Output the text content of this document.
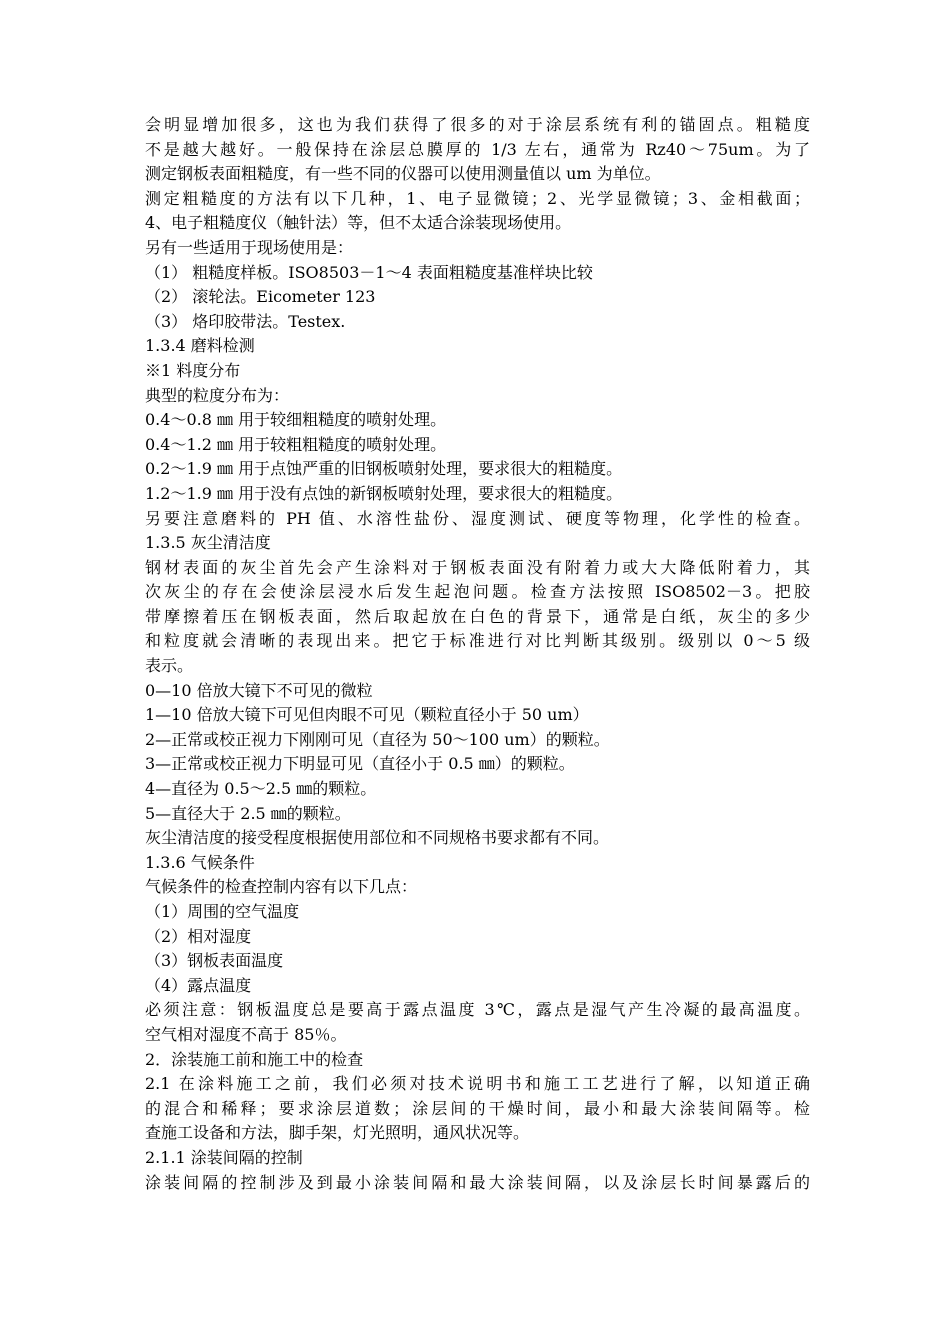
会明显增加很多，这也为我们获得了很多的对于涂层系统有利的锚固点。粗糙度
不是越大越好。一般保持在涂层总膜厚的 1/3 左右，通常为 Rz40～75um。为了
测定钢板表面粗糙度，有一些不同的仪器可以使用测量值以 um 为单位。
测定粗糙度的方法有以下几种，1、电子显微镜；2、光学显微镜；3、金相截面；
4、电子粗糙度仪（触针法）等，但不太适合涂装现场使用。
另有一些适用于现场使用是：
（1） 粗糙度样板。ISO8503－1～4 表面粗糙度基准样块比较
（2） 滚轮法。Eicometer 123
（3） 烙印胶带法。Testex.
1.3.4 磨料检测
※1 料度分布
典型的粒度分布为：
0.4～0.8 ㎜ 用于较细粗糙度的喷射处理。
0.4～1.2 ㎜ 用于较粗粗糙度的喷射处理。
0.2～1.9 ㎜ 用于点蚀严重的旧钢板喷射处理，要求很大的粗糙度。
1.2～1.9 ㎜ 用于没有点蚀的新钢板喷射处理，要求很大的粗糙度。
另要注意磨料的 PH 值、水溶性盐份、湿度测试、硬度等物理，化学性的检查。
1.3.5 灰尘清洁度
钢材表面的灰尘首先会产生涂料对于钢板表面没有附着力或大大降低附着力，其
次灰尘的存在会使涂层浸水后发生起泡问题。检查方法按照 ISO8502－3。把胶
带摩擦着压在钢板表面，然后取起放在白色的背景下，通常是白纸，灰尘的多少
和粒度就会清晰的表现出来。把它于标准进行对比判断其级别。级别以 0～5 级
表示。
0—10 倍放大镜下不可见的微粒
1—10 倍放大镜下可见但肉眼不可见（颗粒直径小于 50 um）
2—正常或校正视力下刚刚可见（直径为 50～100 um）的颗粒。
3—正常或校正视力下明显可见（直径小于 0.5 ㎜）的颗粒。
4—直径为 0.5～2.5 ㎜的颗粒。
5—直径大于 2.5 ㎜的颗粒。
灰尘清洁度的接受程度根据使用部位和不同规格书要求都有不同。
1.3.6 气候条件
气候条件的检查控制内容有以下几点：
（1）周围的空气温度
（2）相对湿度
（3）钢板表面温度
（4）露点温度
必须注意：钢板温度总是要高于露点温度 3℃，露点是湿气产生冷凝的最高温度。
空气相对湿度不高于 85％。
2．涂装施工前和施工中的检查
2.1 在涂料施工之前，我们必须对技术说明书和施工工艺进行了解，以知道正确
的混合和稀释；要求涂层道数；涂层间的干燥时间，最小和最大涂装间隔等。检
查施工设备和方法，脚手架，灯光照明，通风状况等。
2.1.1 涂装间隔的控制
涂装间隔的控制涉及到最小涂装间隔和最大涂装间隔，以及涂层长时间暴露后的
